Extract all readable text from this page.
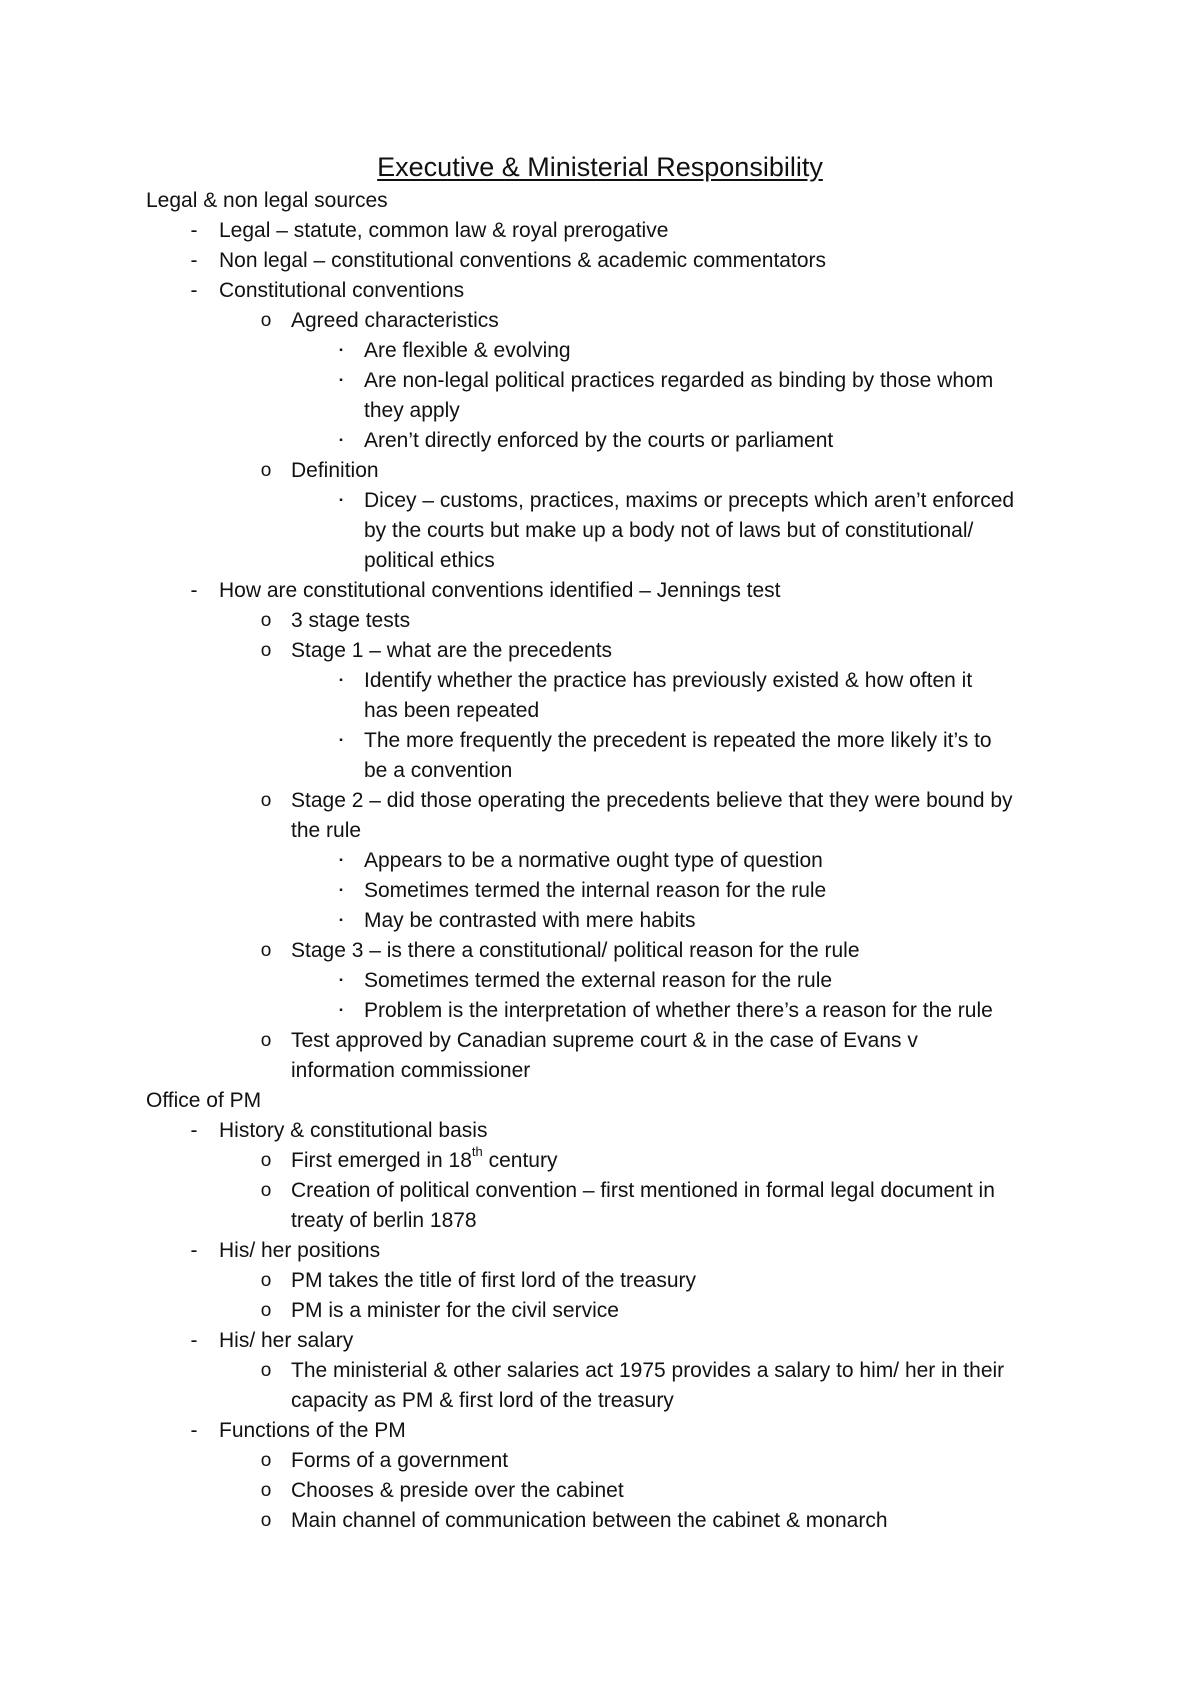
Executive & Ministerial Responsibility
Legal & non legal sources
-	Legal – statute, common law & royal prerogative
-	Non legal – constitutional conventions & academic commentators
-	Constitutional conventions
o Agreed characteristics
▪	Are flexible & evolving
▪	Are non-legal political practices regarded as binding by those whom
they apply
▪	Aren’t directly enforced by the courts or parliament
o Definition
▪	Dicey – customs, practices, maxims or precepts which aren’t enforced
by the courts but make up a body not of laws but of constitutional/
political ethics
-	How are constitutional conventions identified – Jennings test
o 3 stage tests
o Stage 1 – what are the precedents
▪	Identify whether the practice has previously existed & how often it
has been repeated
▪	The more frequently the precedent is repeated the more likely it’s to
be a convention
o Stage 2 – did those operating the precedents believe that they were bound by
the rule
▪	Appears to be a normative ought type of question
▪	Sometimes termed the internal reason for the rule
▪	May be contrasted with mere habits
o Stage 3 – is there a constitutional/ political reason for the rule
▪	Sometimes termed the external reason for the rule
▪	Problem is the interpretation of whether there’s a reason for the rule
o Test approved by Canadian supreme court & in the case of Evans v
information commissioner
Office of PM
-	History & constitutional basis
o First emerged in 18th century
o Creation of political convention – first mentioned in formal legal document in
treaty of berlin 1878
-	His/ her positions
o PM takes the title of first lord of the treasury
o PM is a minister for the civil service
-	His/ her salary
o The ministerial & other salaries act 1975 provides a salary to him/ her in their
capacity as PM & first lord of the treasury
-	Functions of the PM
o Forms of a government
o Chooses & preside over the cabinet
o Main channel of communication between the cabinet & monarch
